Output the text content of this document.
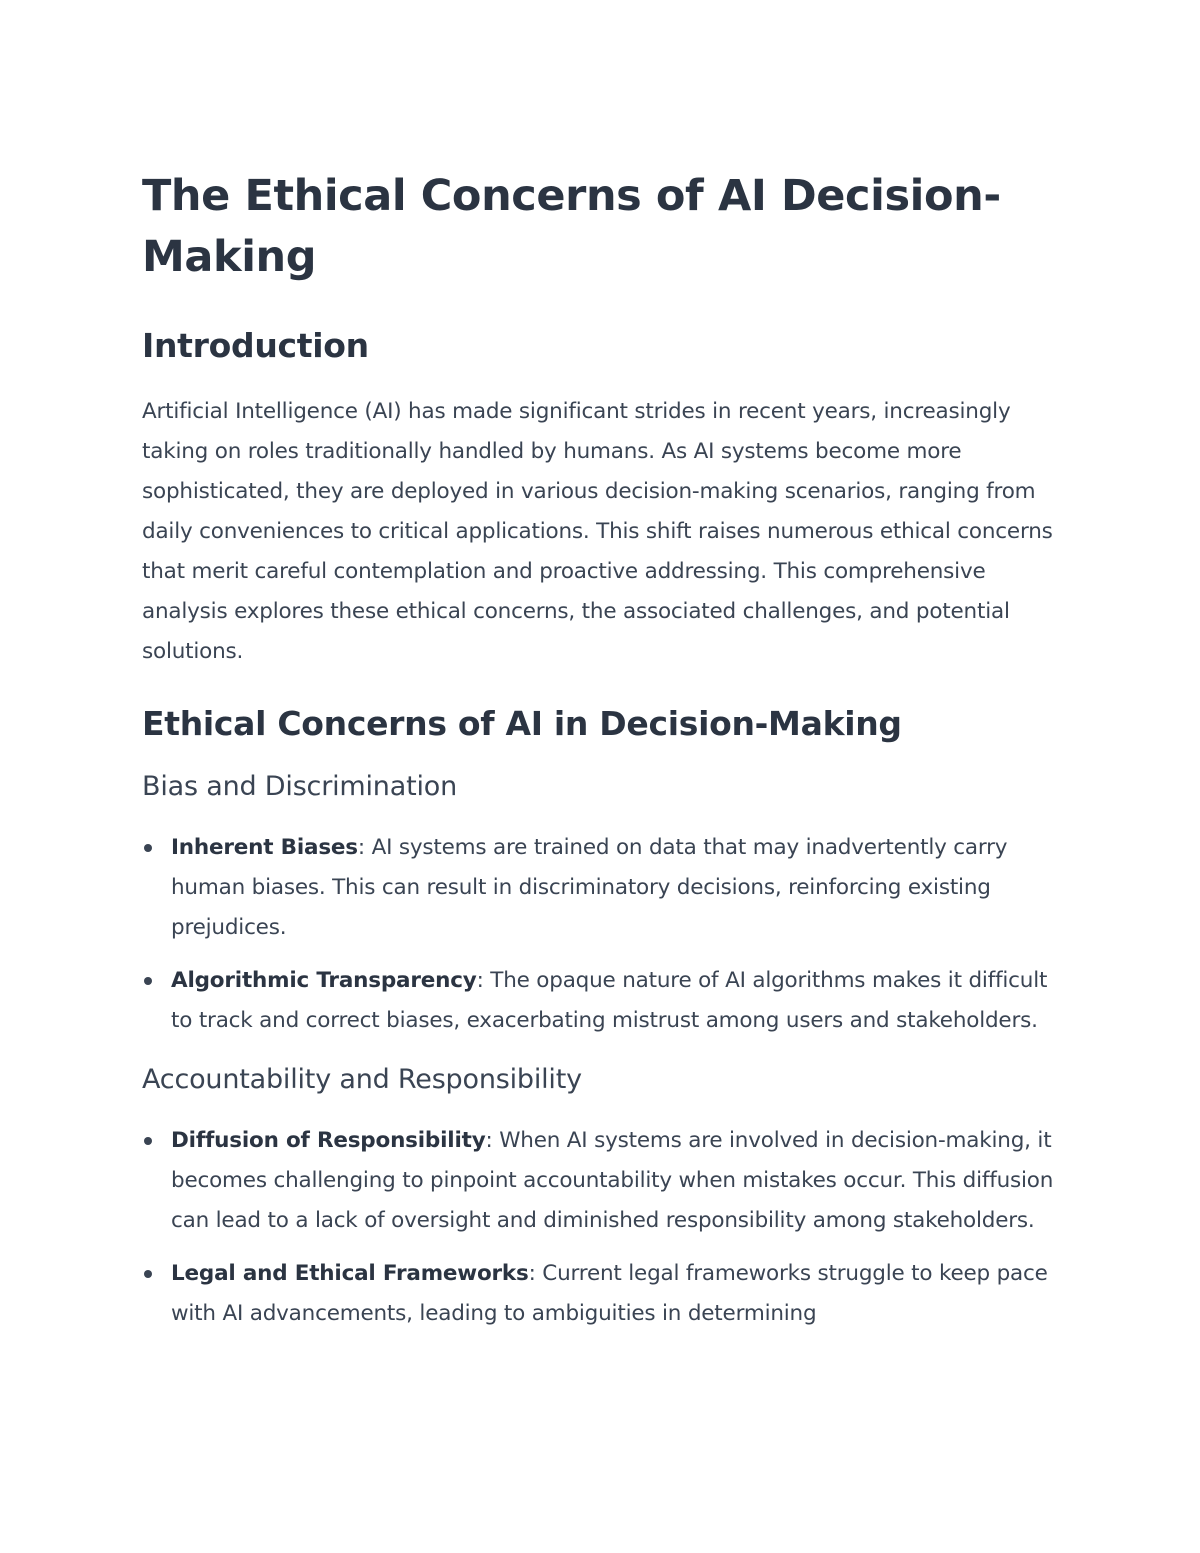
The Ethical Concerns of AI Decision-Making
Introduction

Artificial Intelligence (AI) has made significant strides in recent years, increasingly taking on roles traditionally handled by humans. As AI systems become more sophisticated, they are deployed in various decision-making scenarios, ranging from daily conveniences to critical applications. This shift raises numerous ethical concerns that merit careful contemplation and proactive addressing. This comprehensive analysis explores these ethical concerns, the associated challenges, and potential solutions.

Ethical Concerns of AI in Decision-Making
Bias and Discrimination
Inherent Biases: AI systems are trained on data that may inadvertently carry human biases. This can result in discriminatory decisions, reinforcing existing prejudices.
Algorithmic Transparency: The opaque nature of AI algorithms makes it difficult to track and correct biases, exacerbating mistrust among users and stakeholders.
Accountability and Responsibility
Diffusion of Responsibility: When AI systems are involved in decision-making, it becomes challenging to pinpoint accountability when mistakes occur. This diffusion can lead to a lack of oversight and diminished responsibility among stakeholders.
Legal and Ethical Frameworks: Current legal frameworks struggle to keep pace with AI advancements, leading to ambiguities in determining
